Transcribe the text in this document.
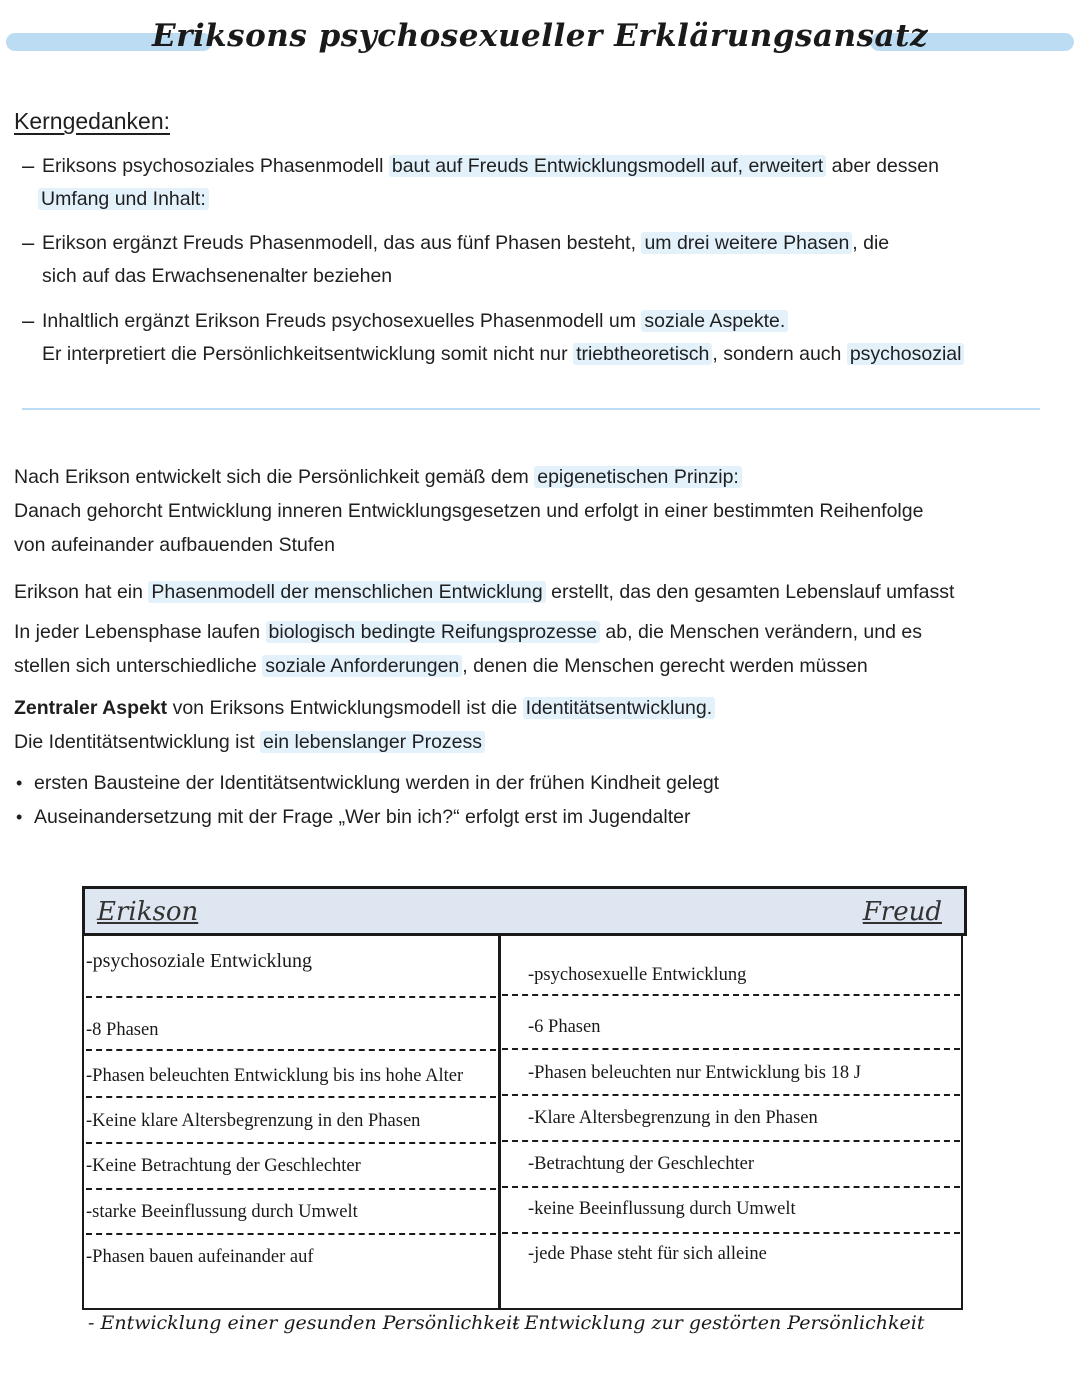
Eriksons psychosexueller Erklärungsansatz
Kerngedanken:
– Eriksons psychosoziales Phasenmodell baut auf Freuds Entwicklungsmodell auf, erweitert aber dessen
Umfang und Inhalt:
– Erikson ergänzt Freuds Phasenmodell, das aus fünf Phasen besteht, um drei weitere Phasen , die
sich auf das Erwachsenenalter beziehen
– Inhaltlich ergänzt Erikson Freuds psychosexuelles Phasenmodell um soziale Aspekte.
Er interpretiert die Persönlichkeitsentwicklung somit nicht nur triebtheoretisch , sondern auch psychosozial
Nach Erikson entwickelt sich die Persönlichkeit gemäß dem epigenetischen Prinzip:
Danach gehorcht Entwicklung inneren Entwicklungsgesetzen und erfolgt in einer bestimmten Reihenfolge
von aufeinander aufbauenden Stufen
Erikson hat ein Phasenmodell der menschlichen Entwicklung erstellt, das den gesamten Lebenslauf umfasst
In jeder Lebensphase laufen biologisch bedingte Reifungsprozesse ab, die Menschen verändern, und es
stellen sich unterschiedliche soziale Anforderungen , denen die Menschen gerecht werden müssen
Zentraler Aspekt von Eriksons Entwicklungsmodell ist die Identitätsentwicklung.
Die Identitätsentwicklung ist ein lebenslanger Prozess
• ersten Bausteine der Identitätsentwicklung werden in der frühen Kindheit gelegt
• Auseinandersetzung mit der Frage „Wer bin ich?“ erfolgt erst im Jugendalter
Erikson	Freud
-psychosoziale Entwicklung
-8 Phasen
-Phasen beleuchten Entwicklung bis ins hohe Alter
-Keine klare Altersbegrenzung in den Phasen
-Keine Betrachtung der Geschlechter
-starke Beeinflussung durch Umwelt
-Phasen bauen aufeinander auf
-psychosexuelle Entwicklung
-6 Phasen
-Phasen beleuchten nur Entwicklung bis 18 J
-Klare Altersbegrenzung in den Phasen
-Betrachtung der Geschlechter
-keine Beeinflussung durch Umwelt
-jede Phase steht für sich alleine
- Entwicklung einer gesunden Persönlichkeit
- Entwicklung zur gestörten Persönlichkeit
